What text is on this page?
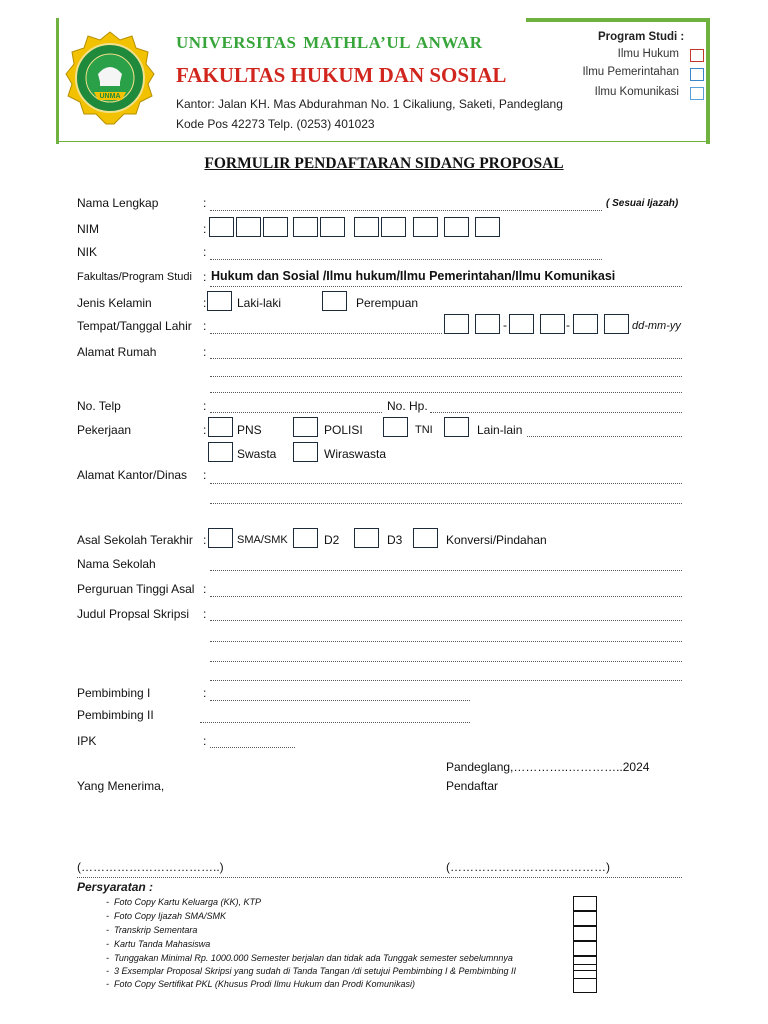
UNMA
UNIVERSITAS MATHLA’UL ANWAR
FAKULTAS HUKUM DAN SOSIAL
Kantor: Jalan KH. Mas Abdurahman No. 1 Cikaliung, Saketi, Pandeglang
Kode Pos 42273 Telp. (0253) 401023
Program Studi :
Ilmu Hukum
Ilmu Pemerintahan
Ilmu Komunikasi
FORMULIR PENDAFTARAN SIDANG PROPOSAL
Nama Lengkap	:	( Sesuai Ijazah)
NIM	:
NIK	:
Fakultas/Program Studi : Hukum dan Sosial /Ilmu hukum/Ilmu Pemerintahan/Ilmu Komunikasi
Jenis Kelamin	:	Laki-laki	Perempuan
Tempat/Tanggal Lahir :	-	-	dd-mm-yy
Alamat Rumah	:
No. Telp	:	No. Hp.
Pekerjaan	:	PNS	POLISI	TNI	Lain-lain
Swasta	Wiraswasta
Alamat Kantor/Dinas :
Asal Sekolah Terakhir :	SMA/SMK	D2	D3	Konversi/Pindahan
Nama Sekolah
Perguruan Tinggi Asal :
Judul Propsal Skripsi :
Pembimbing I	:
Pembimbing II
IPK	:
Pandeglang,…………..…………..2024
Yang Menerima,	Pendaftar
(……………………………..)	(…………………………………)
Persyaratan :
-  Foto Copy Kartu Keluarga (KK), KTP
-  Foto Copy Ijazah SMA/SMK
-  Transkrip Sementara
-  Kartu Tanda Mahasiswa
-  Tunggakan Minimal Rp. 1000.000 Semester berjalan dan tidak ada Tunggak semester sebelumnnya
-  3 Exsemplar Proposal Skripsi yang sudah di Tanda Tangan /di setujui Pembimbing I & Pembimbing II
-  Foto Copy Sertifikat PKL (Khusus Prodi Ilmu Hukum dan Prodi Komunikasi)
